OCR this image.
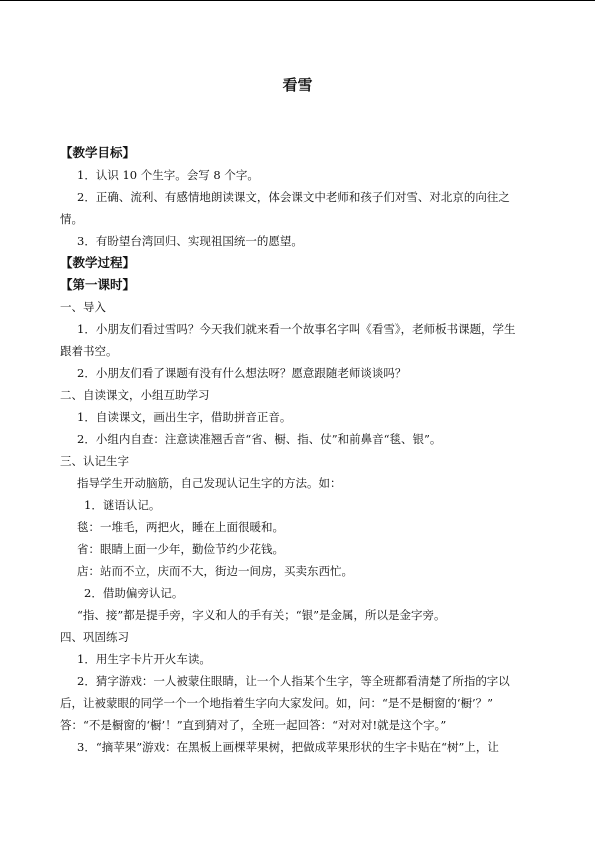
看雪
【教学目标】
1．认识 10 个生字。会写 8 个字。
2．正确、流利、有感情地朗读课文，体会课文中老师和孩子们对雪、对北京的向往之
情。
3．有盼望台湾回归、实现祖国统一的愿望。
【教学过程】
【第一课时】
一、导入
1．小朋友们看过雪吗？今天我们就来看一个故事名字叫《看雪》，老师板书课题，学生
跟着书空。
2．小朋友们看了课题有没有什么想法呀？愿意跟随老师谈谈吗？
二、自读课文，小组互助学习
1．自读课文，画出生字，借助拼音正音。
2．小组内自查：注意读准翘舌音“省、橱、指、仗”和前鼻音“毯、银”。
三、认记生字
指导学生开动脑筋，自己发现认记生字的方法。如：
1．谜语认记。
毯：一堆毛，两把火，睡在上面很暖和。
省：眼睛上面一少年，勤俭节约少花钱。
店：站而不立，庆而不大，街边一间房，买卖东西忙。
2．借助偏旁认记。
“指、接”都是提手旁，字义和人的手有关；“银”是金属，所以是金字旁。
四、巩固练习
1．用生字卡片开火车读。
2．猜字游戏：一人被蒙住眼睛，让一个人指某个生字，等全班都看清楚了所指的字以
后，让被蒙眼的同学一个一个地指着生字向大家发问。如，问：“是不是橱窗的‘橱’？”
答：“不是橱窗的‘橱’！”直到猜对了，全班一起回答：“对对对!就是这个字。”
3．“摘苹果”游戏：在黑板上画棵苹果树，把做成苹果形状的生字卡贴在“树”上，让
